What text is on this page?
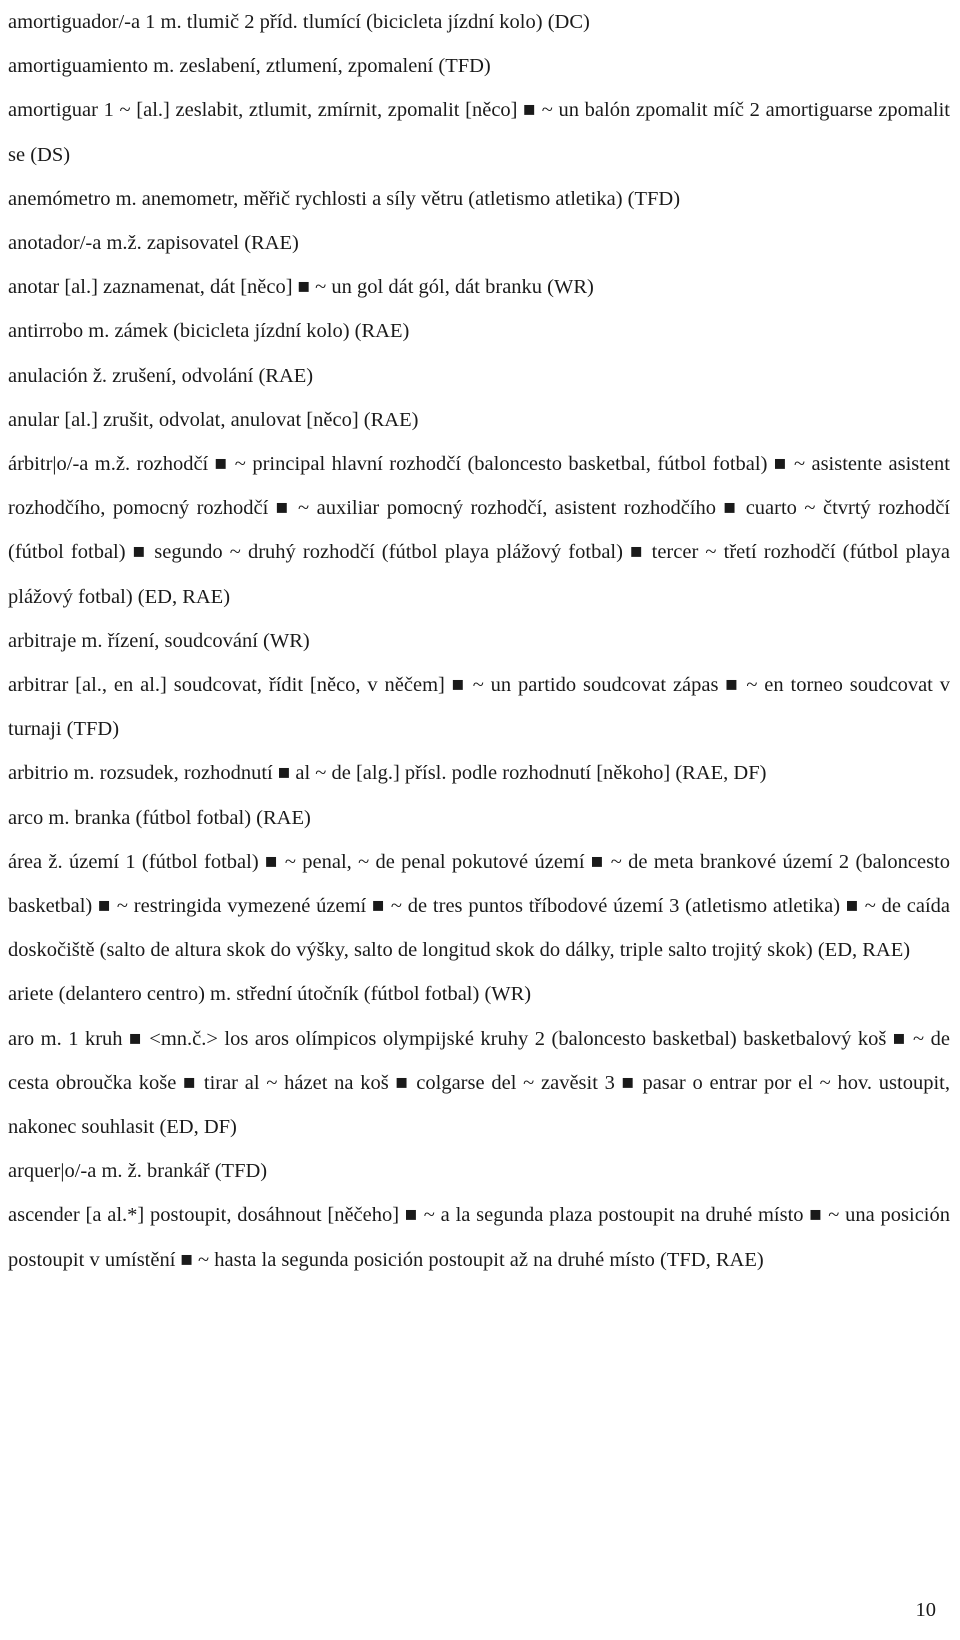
amortiguador/-a 1 m. tlumič 2 příd. tlumící (bicicleta jízdní kolo) (DC)

amortiguamiento m. zeslabení, ztlumení, zpomalení (TFD)

amortiguar 1 ~ [al.] zeslabit, ztlumit, zmírnit, zpomalit [něco] ■ ~ un balón zpomalit míč 2 amortiguarse zpomalit se (DS)

anemómetro m. anemometr, měřič rychlosti a síly větru (atletismo atletika) (TFD)

anotador/-a m.ž. zapisovatel (RAE)

anotar [al.] zaznamenat, dát [něco] ■ ~ un gol dát gól, dát branku (WR)

antirrobo m. zámek (bicicleta jízdní kolo) (RAE)

anulación ž. zrušení, odvolání (RAE)

anular [al.] zrušit, odvolat, anulovat [něco] (RAE)

árbitr|o/-a m.ž. rozhodčí ■ ~ principal hlavní rozhodčí (baloncesto basketbal, fútbol fotbal) ■ ~ asistente asistent rozhodčího, pomocný rozhodčí ■ ~ auxiliar pomocný rozhodčí, asistent rozhodčího ■ cuarto ~ čtvrtý rozhodčí (fútbol fotbal) ■ segundo ~ druhý rozhodčí (fútbol playa plážový fotbal) ■ tercer ~ třetí rozhodčí (fútbol playa plážový fotbal) (ED, RAE)

arbitraje m. řízení, soudcování (WR)

arbitrar [al., en al.] soudcovat, řídit [něco, v něčem] ■ ~ un partido soudcovat zápas ■ ~ en torneo soudcovat v turnaji (TFD)

arbitrio m. rozsudek, rozhodnutí ■ al ~ de [alg.] přísl. podle rozhodnutí [někoho] (RAE, DF)

arco m. branka (fútbol fotbal) (RAE)

área ž. území 1 (fútbol fotbal) ■ ~ penal, ~ de penal pokutové území ■ ~ de meta brankové území 2 (baloncesto basketbal) ■ ~ restringida vymezené území ■ ~ de tres puntos tříbodové území 3 (atletismo atletika) ■ ~ de caída doskočiště (salto de altura skok do výšky, salto de longitud skok do dálky, triple salto trojitý skok) (ED, RAE)

ariete (delantero centro) m. střední útočník (fútbol fotbal) (WR)

aro m. 1 kruh ■ <mn.č.> los aros olímpicos olympijské kruhy 2 (baloncesto basketbal) basketbalový koš ■ ~ de cesta obroučka koše ■ tirar al ~ házet na koš ■ colgarse del ~ zavěsit 3 ■ pasar o entrar por el ~ hov. ustoupit, nakonec souhlasit (ED, DF)

arquer|o/-a m. ž. brankář (TFD)

ascender [a al.*] postoupit, dosáhnout [něčeho] ■ ~ a la segunda plaza postoupit na druhé místo ■ ~ una posición postoupit v umístění ■ ~ hasta la segunda posición postoupit až na druhé místo (TFD, RAE)

10
